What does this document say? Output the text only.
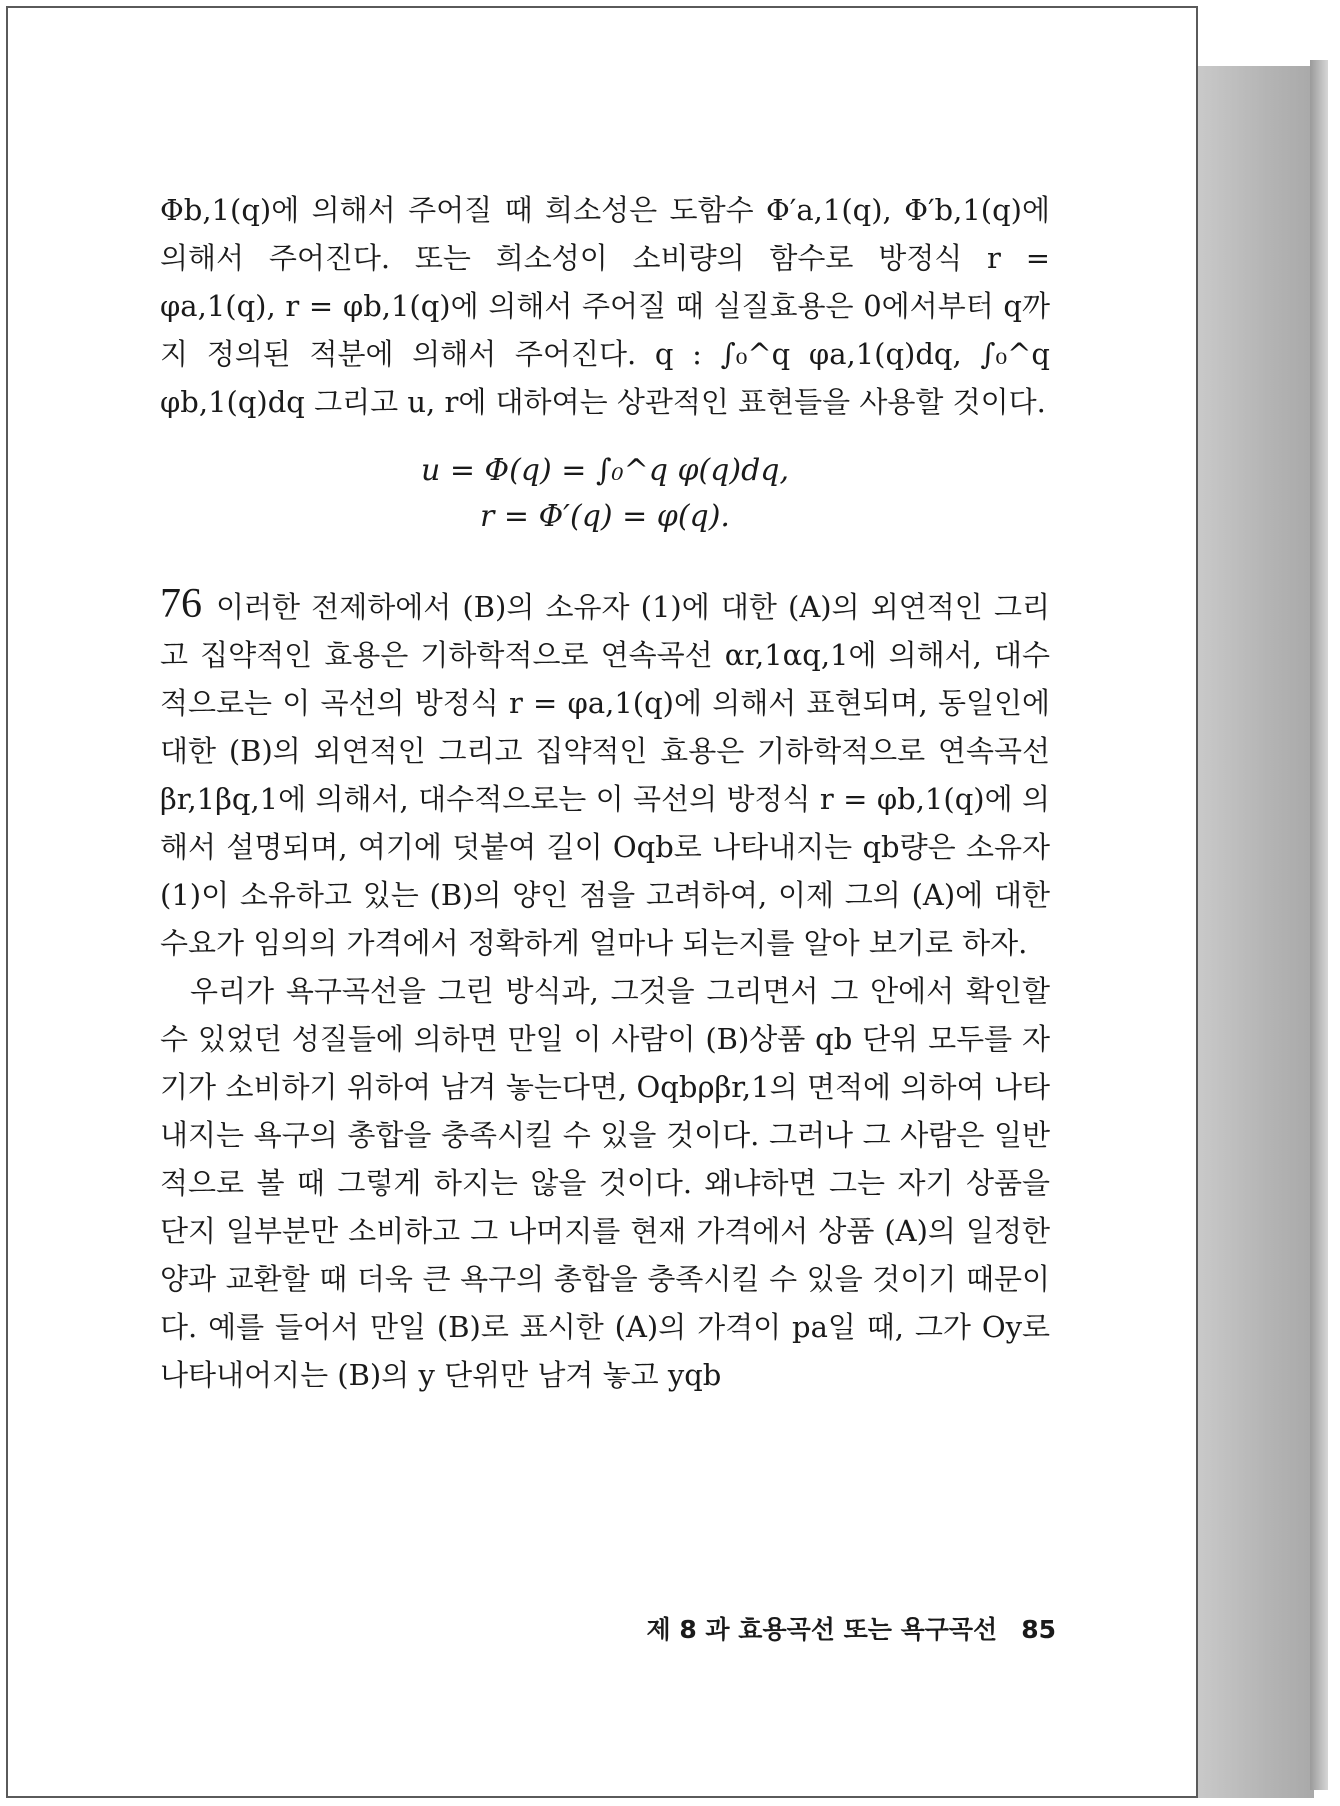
Φb,1(q)에 의해서 주어질 때 희소성은 도함수 Φ′a,1(q), Φ′b,1(q)에 의해서 주어진다. 또는 희소성이 소비량의 함수로 방정식 r = φa,1(q), r = φb,1(q)에 의해서 주어질 때 실질효용은 0에서부터 q까지 정의된 적분에 의해서 주어진다. q : ∫₀^q φa,1(q)dq, ∫₀^q φb,1(q)dq 그리고 u, r에 대하여는 상관적인 표현들을 사용할 것이다.

u = Φ(q) = ∫₀^q φ(q)dq,
r = Φ′(q) = φ(q).

76 이러한 전제하에서 (B)의 소유자 (1)에 대한 (A)의 외연적인 그리고 집약적인 효용은 기하학적으로 연속곡선 αr,1αq,1에 의해서, 대수적으로는 이 곡선의 방정식 r = φa,1(q)에 의해서 표현되며, 동일인에 대한 (B)의 외연적인 그리고 집약적인 효용은 기하학적으로 연속곡선 βr,1βq,1에 의해서, 대수적으로는 이 곡선의 방정식 r = φb,1(q)에 의해서 설명되며, 여기에 덧붙여 길이 Oqb로 나타내지는 qb량은 소유자 (1)이 소유하고 있는 (B)의 양인 점을 고려하여, 이제 그의 (A)에 대한 수요가 임의의 가격에서 정확하게 얼마나 되는지를 알아 보기로 하자.

우리가 욕구곡선을 그린 방식과, 그것을 그리면서 그 안에서 확인할 수 있었던 성질들에 의하면 만일 이 사람이 (B)상품 qb 단위 모두를 자기가 소비하기 위하여 남겨 놓는다면, Oqbρβr,1의 면적에 의하여 나타내지는 욕구의 총합을 충족시킬 수 있을 것이다. 그러나 그 사람은 일반적으로 볼 때 그렇게 하지는 않을 것이다. 왜냐하면 그는 자기 상품을 단지 일부분만 소비하고 그 나머지를 현재 가격에서 상품 (A)의 일정한 양과 교환할 때 더욱 큰 욕구의 총합을 충족시킬 수 있을 것이기 때문이다. 예를 들어서 만일 (B)로 표시한 (A)의 가격이 pa일 때, 그가 Oy로 나타내어지는 (B)의 y 단위만 남겨 놓고 yqb

제 8 과 효용곡선 또는 욕구곡선 85
